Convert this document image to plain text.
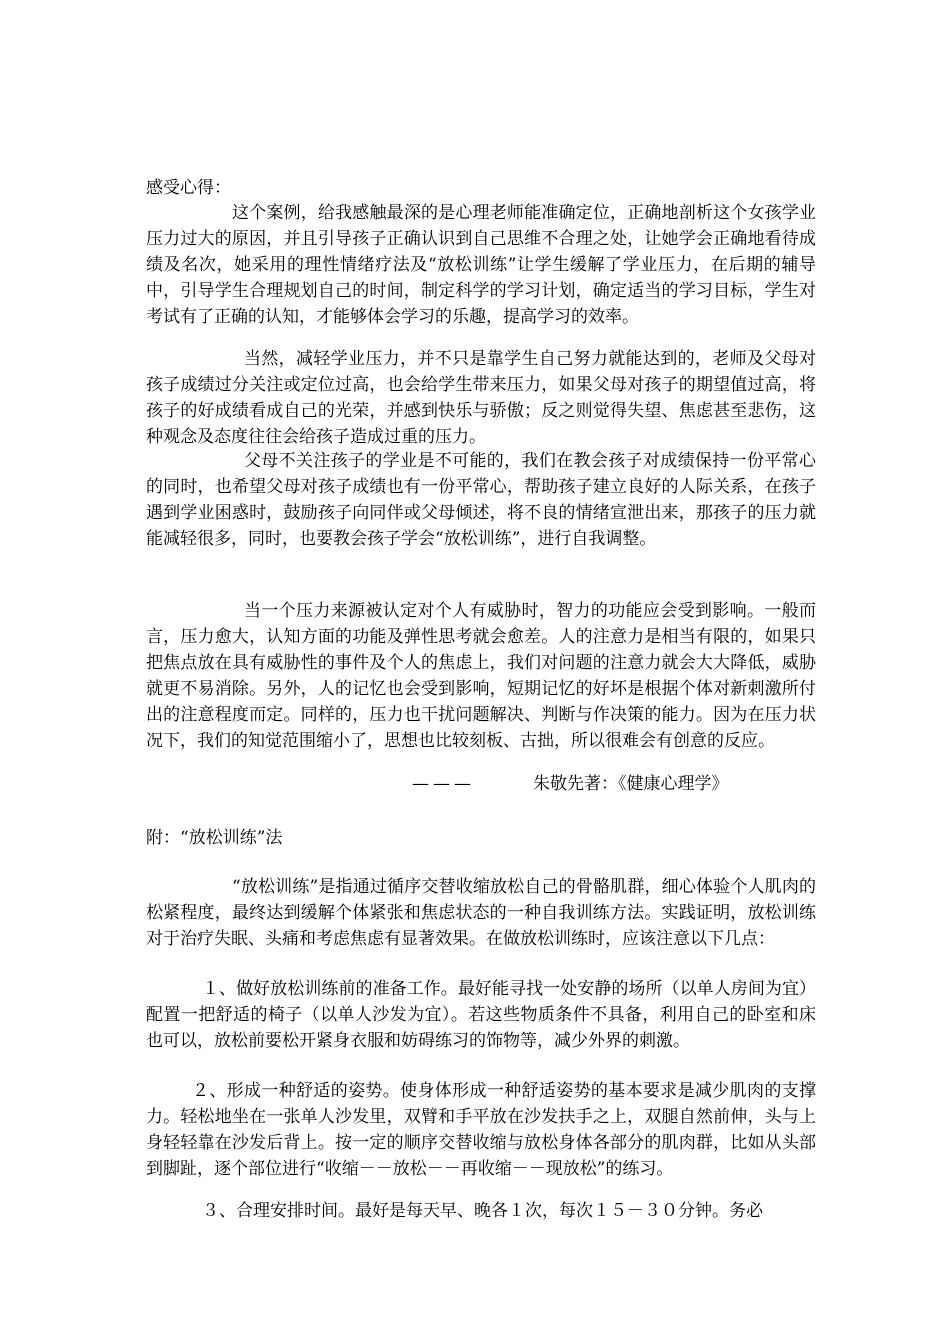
感受心得：

这个案例，给我感触最深的是心理老师能准确定位，正确地剖析这个女孩学业压力过大的原因，并且引导孩子正确认识到自己思维不合理之处，让她学会正确地看待成绩及名次，她采用的理性情绪疗法及“放松训练”让学生缓解了学业压力，在后期的辅导中，引导学生合理规划自己的时间，制定科学的学习计划，确定适当的学习目标，学生对考试有了正确的认知，才能够体会学习的乐趣，提高学习的效率。

当然，减轻学业压力，并不只是靠学生自己努力就能达到的，老师及父母对孩子成绩过分关注或定位过高，也会给学生带来压力，如果父母对孩子的期望值过高，将孩子的好成绩看成自己的光荣，并感到快乐与骄傲；反之则觉得失望、焦虑甚至悲伤，这种观念及态度往往会给孩子造成过重的压力。

父母不关注孩子的学业是不可能的，我们在教会孩子对成绩保持一份平常心的同时，也希望父母对孩子成绩也有一份平常心，帮助孩子建立良好的人际关系，在孩子遇到学业困惑时，鼓励孩子向同伴或父母倾述，将不良的情绪宣泄出来，那孩子的压力就能减轻很多，同时，也要教会孩子学会“放松训练”，进行自我调整。

当一个压力来源被认定对个人有威胁时，智力的功能应会受到影响。一般而言，压力愈大，认知方面的功能及弹性思考就会愈差。人的注意力是相当有限的，如果只把焦点放在具有威胁性的事件及个人的焦虑上，我们对问题的注意力就会大大降低，威胁就更不易消除。另外，人的记忆也会受到影响，短期记忆的好坏是根据个体对新刺激所付出的注意程度而定。同样的，压力也干扰问题解决、判断与作决策的能力。因为在压力状况下，我们的知觉范围缩小了，思想也比较刻板、古拙，所以很难会有创意的反应。

———	朱敬先著：《健康心理学》
附：“放松训练”法

“放松训练”是指通过循序交替收缩放松自己的骨骼肌群，细心体验个人肌肉的松紧程度，最终达到缓解个体紧张和焦虑状态的一种自我训练方法。实践证明，放松训练对于治疗失眠、头痛和考虑焦虑有显著效果。在做放松训练时，应该注意以下几点：

１、做好放松训练前的准备工作。最好能寻找一处安静的场所（以单人房间为宜）配置一把舒适的椅子（以单人沙发为宜）。若这些物质条件不具备，利用自己的卧室和床也可以，放松前要松开紧身衣服和妨碍练习的饰物等，减少外界的刺激。

２、形成一种舒适的姿势。使身体形成一种舒适姿势的基本要求是减少肌肉的支撑力。轻松地坐在一张单人沙发里，双臂和手平放在沙发扶手之上，双腿自然前伸，头与上身轻轻靠在沙发后背上。按一定的顺序交替收缩与放松身体各部分的肌肉群，比如从头部到脚趾，逐个部位进行“收缩－－放松－－再收缩－－现放松”的练习。

３、合理安排时间。最好是每天早、晚各１次，每次１５－３０分钟。务必
